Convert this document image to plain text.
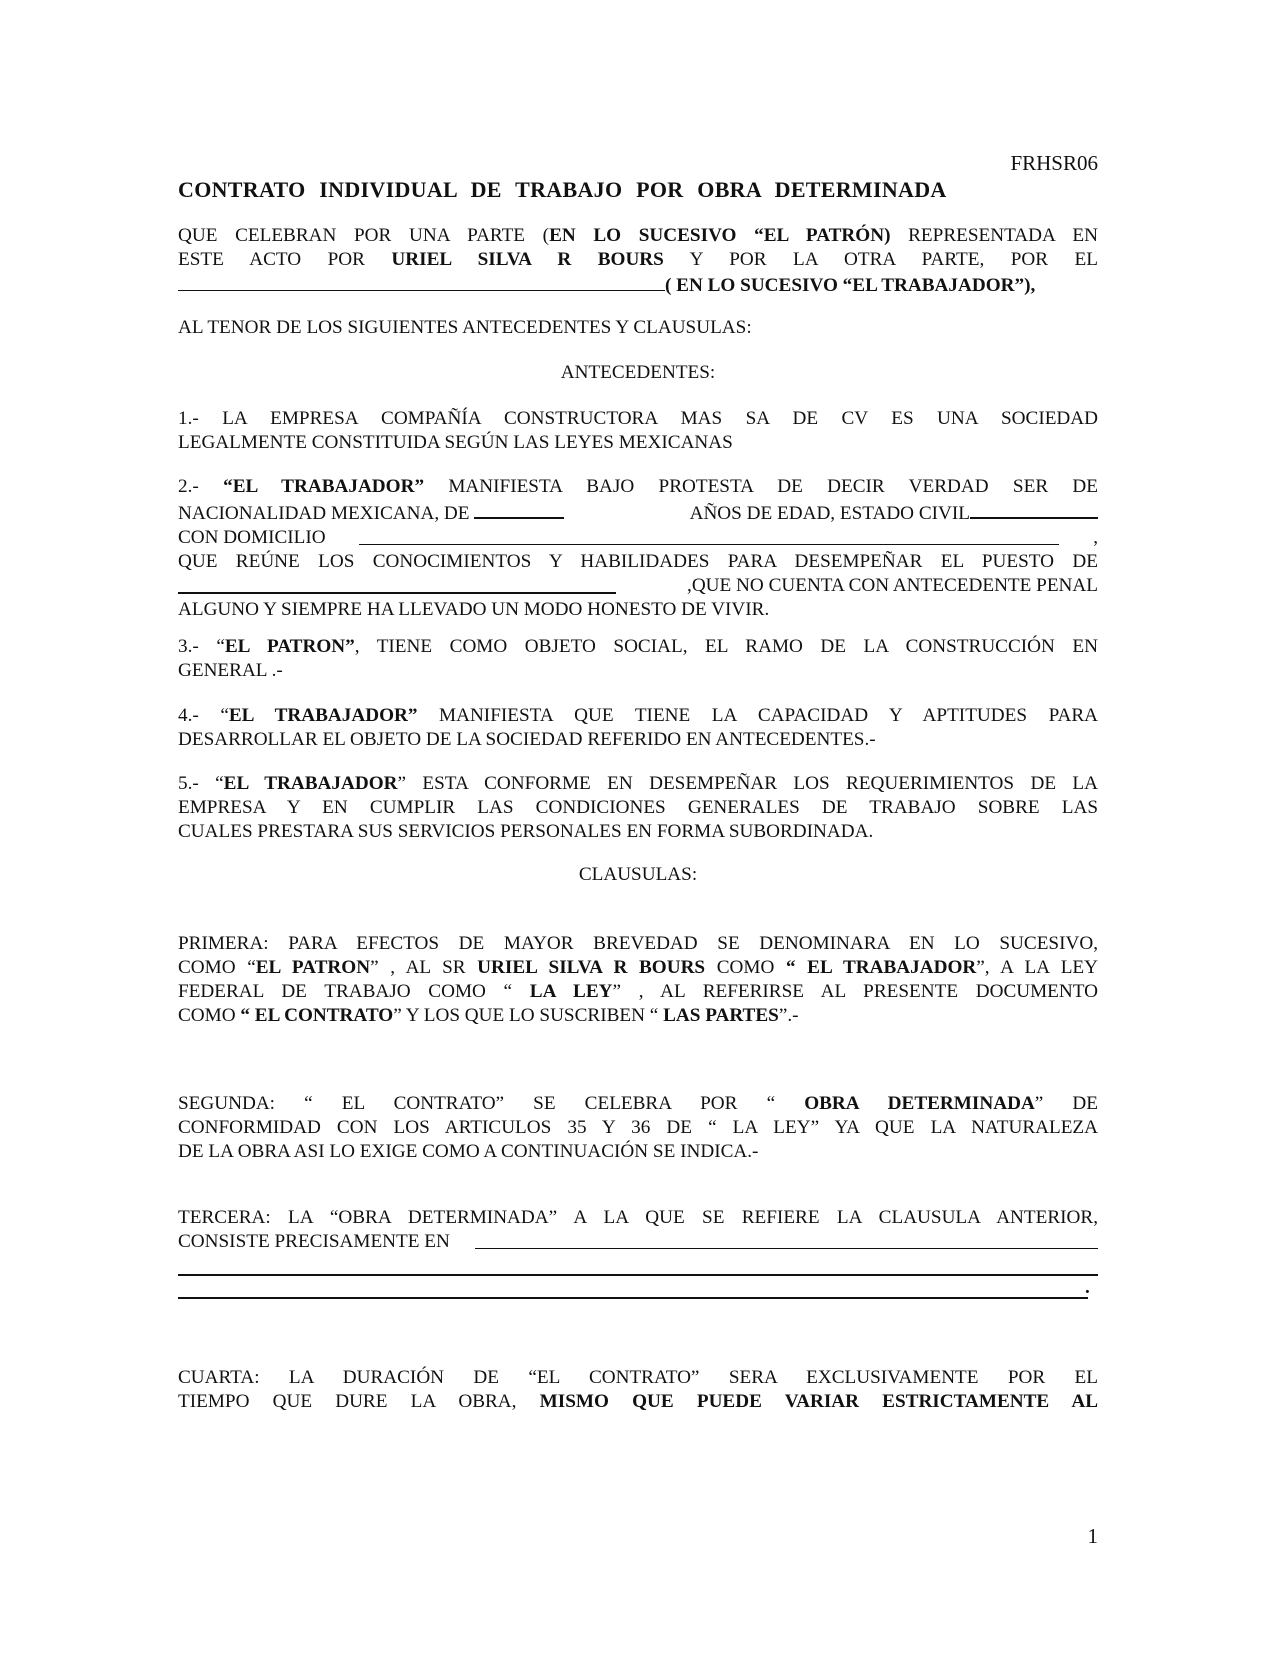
FRHSR06
CONTRATO INDIVIDUAL DE TRABAJO POR OBRA DETERMINADA
QUE CELEBRAN POR UNA PARTE (EN LO SUCESIVO “EL PATRÓN) REPRESENTADA EN
ESTE ACTO POR URIEL SILVA R BOURS Y POR LA OTRA PARTE, POR EL
( EN LO SUCESIVO “EL TRABAJADOR”),
AL TENOR DE LOS SIGUIENTES ANTECEDENTES Y CLAUSULAS:
ANTECEDENTES:
1.- LA EMPRESA COMPAÑÍA CONSTRUCTORA MAS SA DE CV ES UNA SOCIEDAD
LEGALMENTE CONSTITUIDA SEGÚN LAS LEYES MEXICANAS
2.- “EL TRABAJADOR” MANIFIESTA BAJO PROTESTA DE DECIR VERDAD SER DE
NACIONALIDAD MEXICANA, DE	AÑOS DE EDAD, ESTADO CIVIL
CON DOMICILIO	,
QUE REÚNE LOS CONOCIMIENTOS Y HABILIDADES PARA DESEMPEÑAR EL PUESTO DE
,QUE NO CUENTA CON ANTECEDENTE PENAL
ALGUNO Y SIEMPRE HA LLEVADO UN MODO HONESTO DE VIVIR.
3.- “EL PATRON”, TIENE COMO OBJETO SOCIAL, EL RAMO DE LA CONSTRUCCIÓN EN
GENERAL .-
4.- “EL TRABAJADOR” MANIFIESTA QUE TIENE LA CAPACIDAD Y APTITUDES PARA
DESARROLLAR EL OBJETO DE LA SOCIEDAD REFERIDO EN ANTECEDENTES.-
5.- “EL TRABAJADOR” ESTA CONFORME EN DESEMPEÑAR LOS REQUERIMIENTOS DE LA
EMPRESA Y EN CUMPLIR LAS CONDICIONES GENERALES DE TRABAJO SOBRE LAS
CUALES PRESTARA SUS SERVICIOS PERSONALES EN FORMA SUBORDINADA.
CLAUSULAS:
PRIMERA: PARA EFECTOS DE MAYOR BREVEDAD SE DENOMINARA EN LO SUCESIVO,
COMO “EL PATRON” , AL SR URIEL SILVA R BOURS COMO “ EL TRABAJADOR”, A LA LEY
FEDERAL DE TRABAJO COMO “ LA LEY” , AL REFERIRSE AL PRESENTE DOCUMENTO
COMO “ EL CONTRATO” Y LOS QUE LO SUSCRIBEN “ LAS PARTES”.-
SEGUNDA: “ EL CONTRATO” SE CELEBRA POR “ OBRA DETERMINADA” DE
CONFORMIDAD CON LOS ARTICULOS 35 Y 36 DE “ LA LEY” YA QUE LA NATURALEZA
DE LA OBRA ASI LO EXIGE COMO A CONTINUACIÓN SE INDICA.-
TERCERA: LA “OBRA DETERMINADA” A LA QUE SE REFIERE LA CLAUSULA ANTERIOR,
CONSISTE PRECISAMENTE EN
.
CUARTA: LA DURACIÓN DE “EL CONTRATO” SERA EXCLUSIVAMENTE POR EL
TIEMPO QUE DURE LA OBRA, MISMO QUE PUEDE VARIAR ESTRICTAMENTE AL
1
